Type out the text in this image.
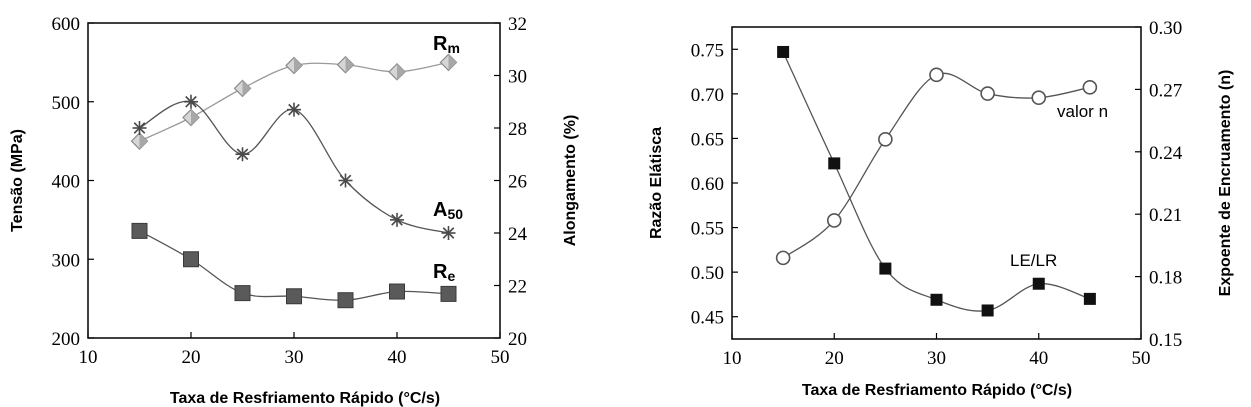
10	20	30	40	50
200
300
400
500
600
20
22
24
26
28
30
32
Taxa de Resfriamento Rápido (°C/s)
Tensão (MPa)	Alongamento (%)
Rm
A50
Re
10	20	30	40	50
0.45
0.50
0.55
0.60
0.65
0.70
0.75
0.15
0.18
0.21
0.24
0.27
0.30
Taxa de Resfriamento Rápido (°C/s)
Razão Elátisca	Expoente de Encruamento (n)
valor n
LE/LR
